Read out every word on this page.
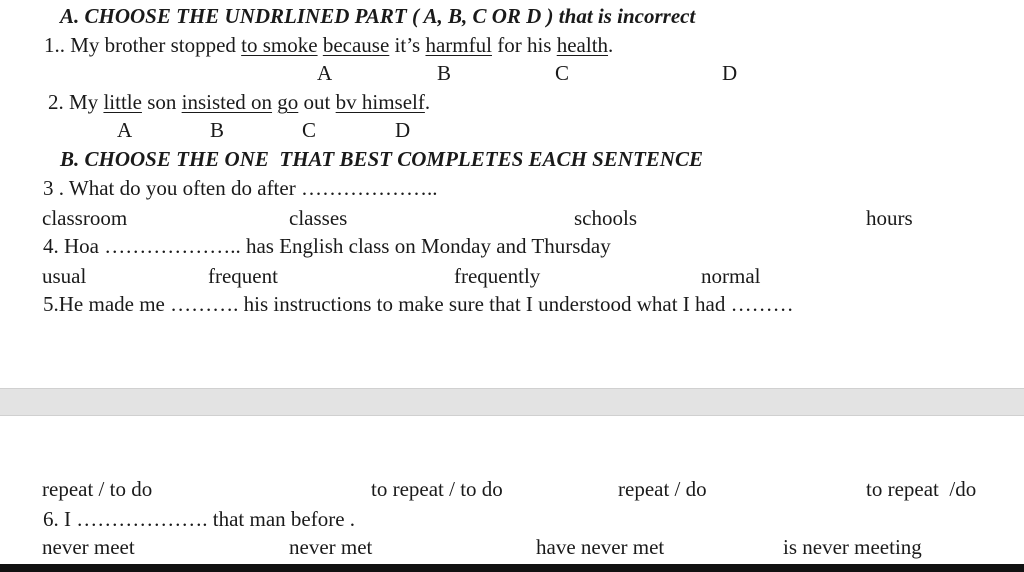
A. CHOOSE THE UNDRLINED PART ( A, B, C OR D ) that is incorrect
1.. My brother stopped to smoke because it’s harmful for his health.
A	B	C	D
2. My little son insisted on go out bv himself.
A	B	C	D
B. CHOOSE THE ONE  THAT BEST COMPLETES EACH SENTENCE
3 . What do you often do after ………………..
classroom	classes	schools	hours
4. Hoa ……………….. has English class on Monday and Thursday
usual	frequent	frequently	normal
5.He made me ………. his instructions to make sure that I understood what I had ………
repeat / to do	to repeat / to do	repeat / do	to repeat  /do
6. I ………………. that man before .
never meet	never met	have never met	is never meeting
